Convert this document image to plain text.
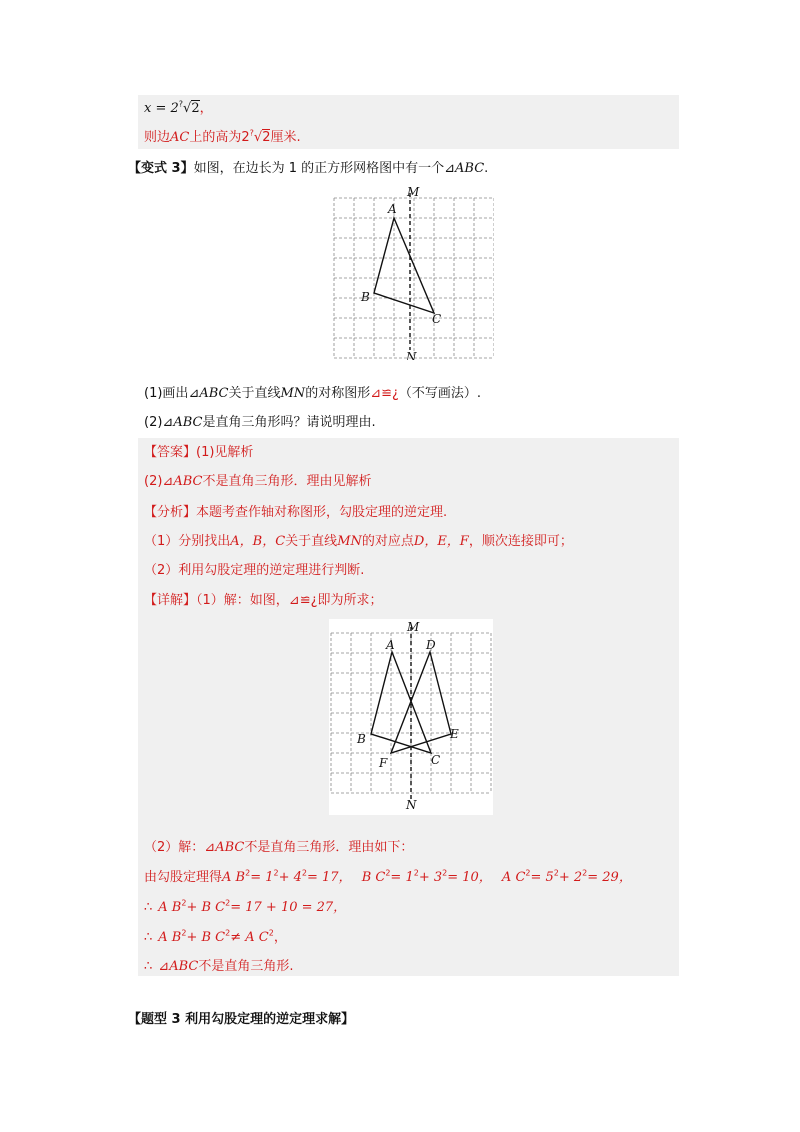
x = 2?√2，
则边AC上的高为2?√2厘米.
【变式 3】如图，在边长为 1 的正方形网格图中有一个⊿ABC.
M
A
B
C
N
(1)画出⊿ABC关于直线MN的对称图形⊿≌¿（不写画法）.
(2)⊿ABC是直角三角形吗？请说明理由.
【答案】(1)见解析
(2)⊿ABC不是直角三角形．理由见解析
【分析】本题考查作轴对称图形，勾股定理的逆定理.
（1）分别找出A，B，C关于直线MN的对应点D，E，F，顺次连接即可；
（2）利用勾股定理的逆定理进行判断.
【详解】（1）解：如图，⊿≌¿即为所求；
M
A	D
B	E
F	C
N
（2）解：⊿ABC不是直角三角形．理由如下：
由勾股定理得A $B^2= 1^2+ 4^2= 17$， B $C^2= 1^2+ 3^2= 10$， A $C^2= 5^2+ 2^2= 29$，
∴ A $B^2+ B$ $C^2= 17 + 10 = 27$，
∴ A $B^2+ B$ $C^2\ne A$ $C^2$，
∴ ⊿ABC不是直角三角形.
【题型 3 利用勾股定理的逆定理求解】
